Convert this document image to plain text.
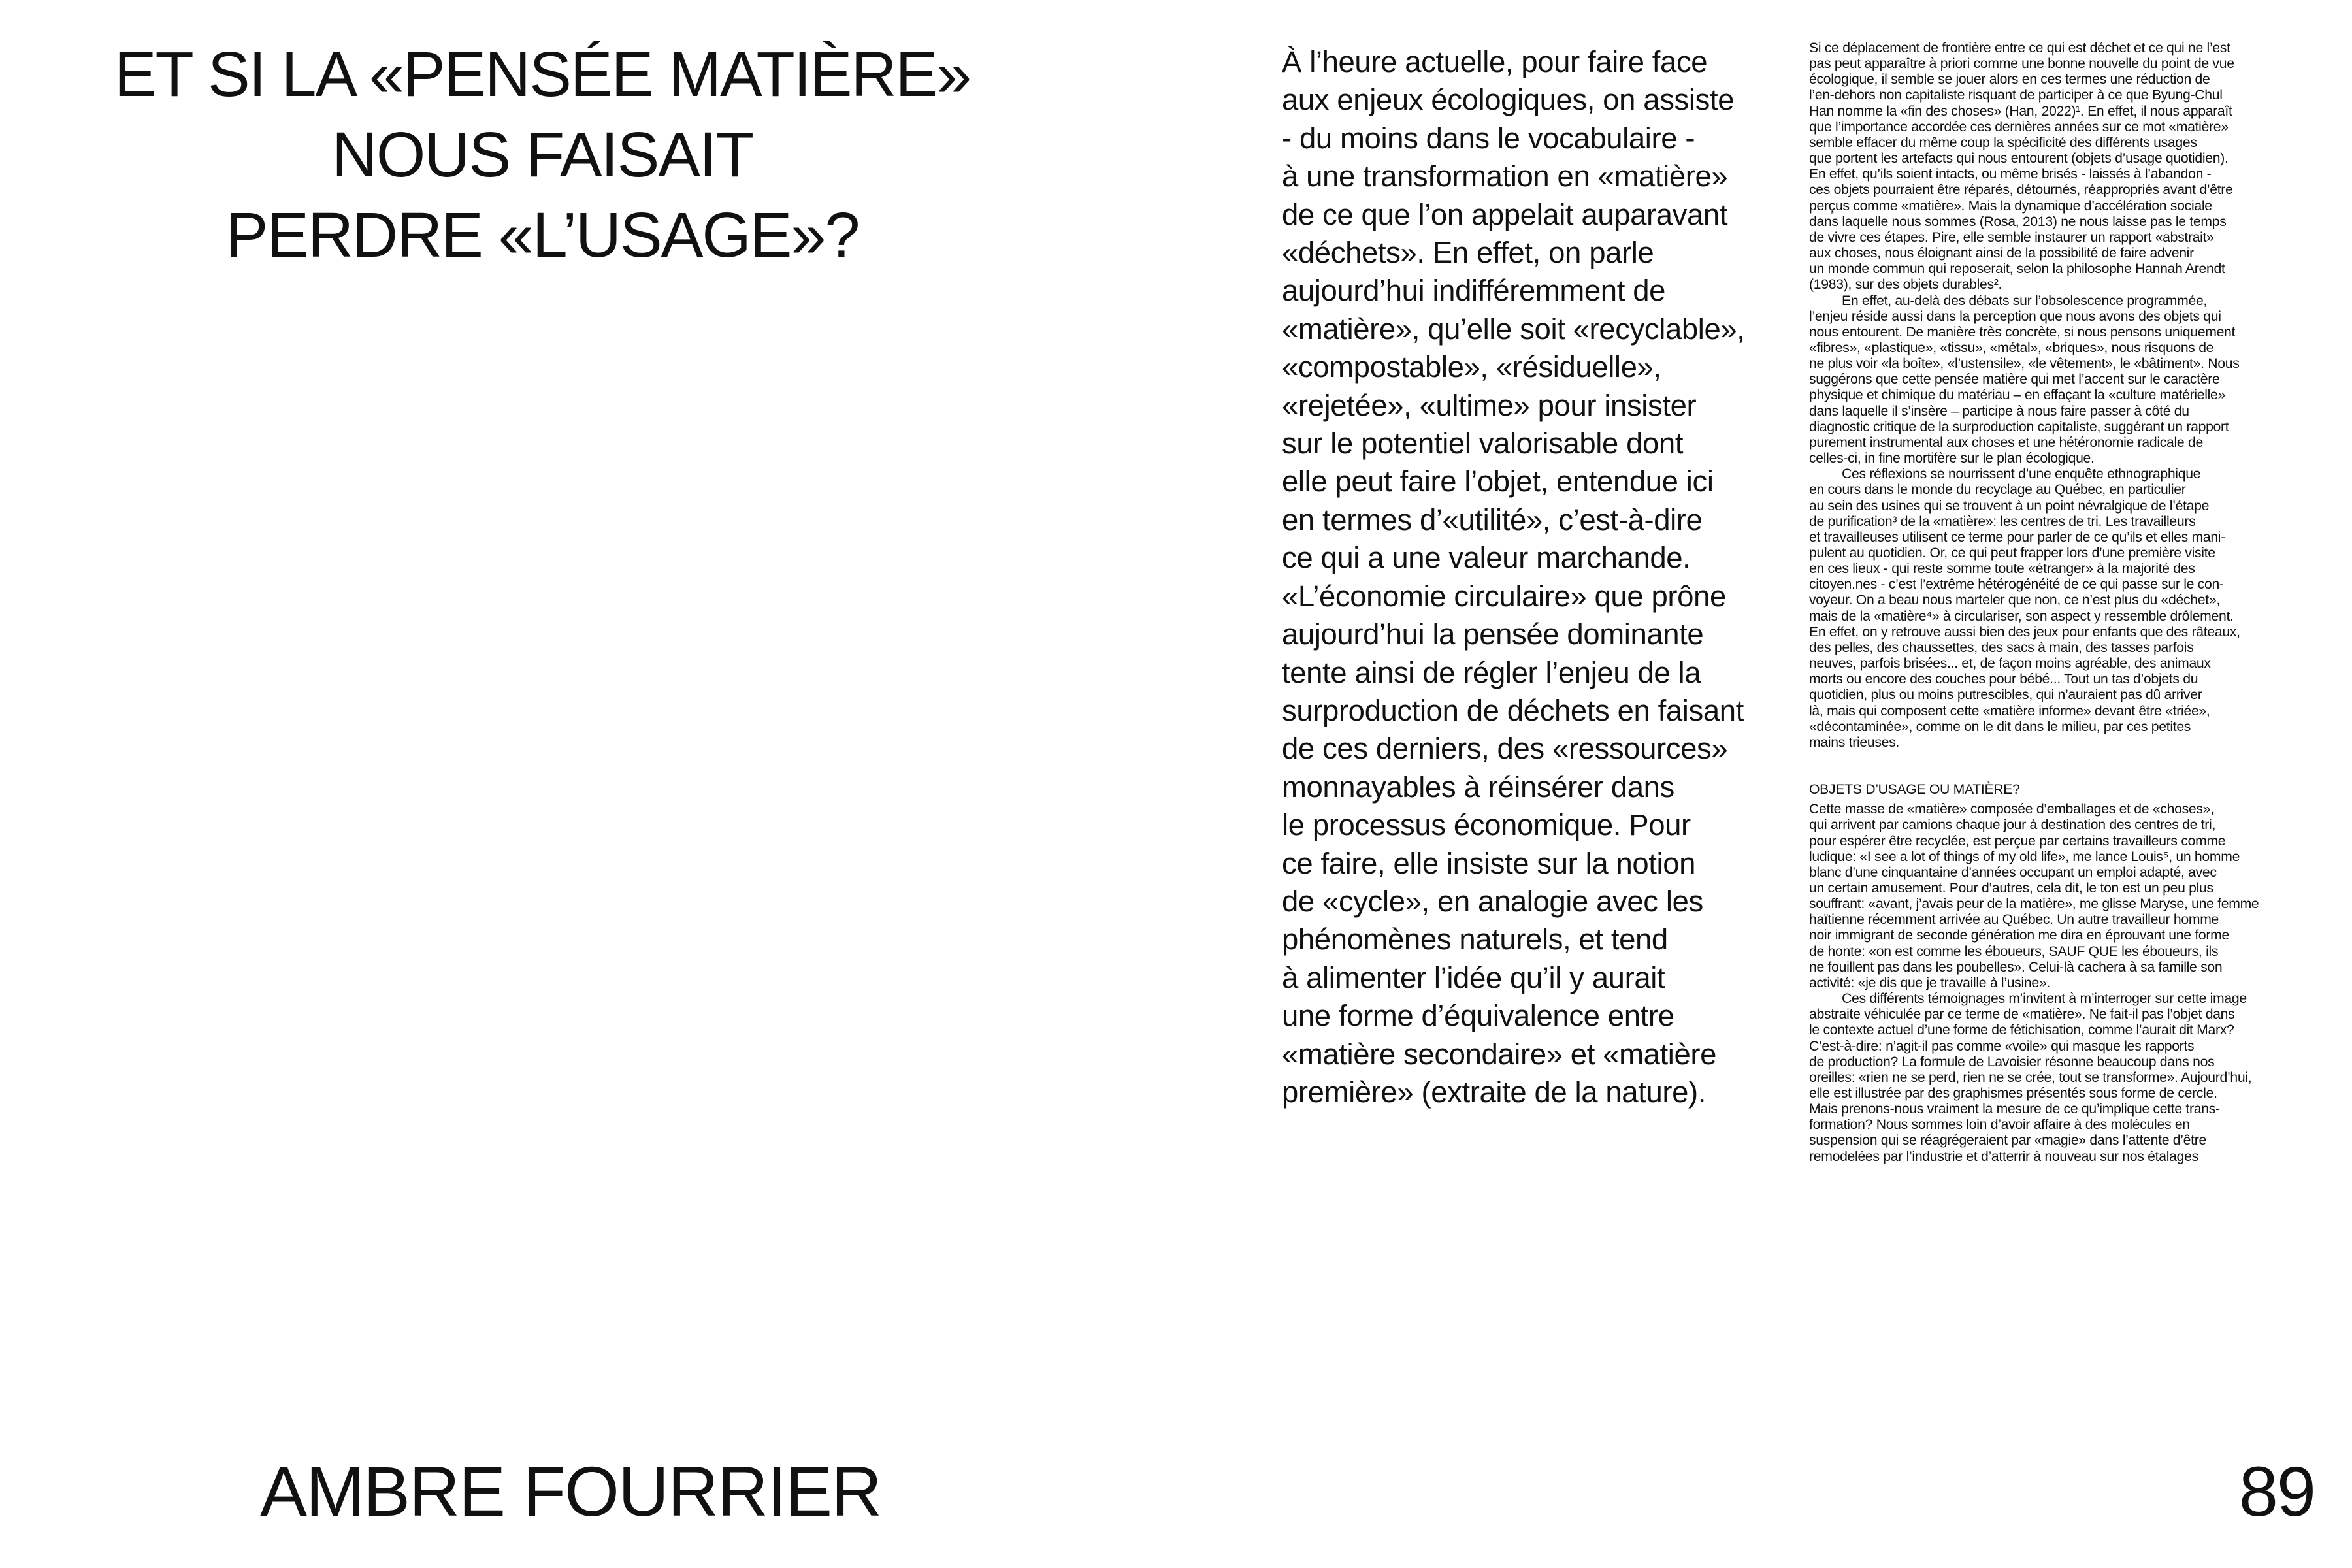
ET SI LA «PENSÉE MATIÈRE»
NOUS FAISAIT
PERDRE «L’USAGE»?
AMBRE FOURRIER	89
À l’heure actuelle, pour faire face
aux enjeux écologiques, on assiste
- du moins dans le vocabulaire -
à une transformation en «matière»
de ce que l’on appelait auparavant
«déchets». En effet, on parle
aujourd’hui indifféremment de
«matière», qu’elle soit «recyclable»,
«compostable», «résiduelle»,
«rejetée», «ultime» pour insister
sur le potentiel valorisable dont
elle peut faire l’objet, entendue ici
en termes d’«utilité», c’est-à-dire
ce qui a une valeur marchande.
«L’économie circulaire» que prône
aujourd’hui la pensée dominante
tente ainsi de régler l’enjeu de la
surproduction de déchets en faisant
de ces derniers, des «ressources»
monnayables à réinsérer dans
le processus économique. Pour
ce faire, elle insiste sur la notion
de «cycle», en analogie avec les
phénomènes naturels, et tend
à alimenter l’idée qu’il y aurait
une forme d’équivalence entre
«matière secondaire» et «matière
première» (extraite de la nature).
Si ce déplacement de frontière entre ce qui est déchet et ce qui ne l’est
pas peut apparaître à priori comme une bonne nouvelle du point de vue
écologique, il semble se jouer alors en ces termes une réduction de
l’en-dehors non capitaliste risquant de participer à ce que Byung-Chul
Han nomme la «fin des choses» (Han, 2022)¹. En effet, il nous apparaît
que l’importance accordée ces dernières années sur ce mot «matière»
semble effacer du même coup la spécificité des différents usages
que portent les artefacts qui nous entourent (objets d’usage quotidien).
En effet, qu’ils soient intacts, ou même brisés - laissés à l’abandon -
ces objets pourraient être réparés, détournés, réappropriés avant d’être
perçus comme «matière». Mais la dynamique d’accélération sociale
dans laquelle nous sommes (Rosa, 2013) ne nous laisse pas le temps
de vivre ces étapes. Pire, elle semble instaurer un rapport «abstrait»
aux choses, nous éloignant ainsi de la possibilité de faire advenir
un monde commun qui reposerait, selon la philosophe Hannah Arendt
(1983), sur des objets durables².
En effet, au-delà des débats sur l’obsolescence programmée,
l’enjeu réside aussi dans la perception que nous avons des objets qui
nous entourent. De manière très concrète, si nous pensons uniquement
«fibres», «plastique», «tissu», «métal», «briques», nous risquons de
ne plus voir «la boîte», «l’ustensile», «le vêtement», le «bâtiment». Nous
suggérons que cette pensée matière qui met l’accent sur le caractère
physique et chimique du matériau – en effaçant la «culture matérielle»
dans laquelle il s’insère – participe à nous faire passer à côté du
diagnostic critique de la surproduction capitaliste, suggérant un rapport
purement instrumental aux choses et une hétéronomie radicale de
celles-ci, in fine mortifère sur le plan écologique.
Ces réflexions se nourrissent d’une enquête ethnographique
en cours dans le monde du recyclage au Québec, en particulier
au sein des usines qui se trouvent à un point névralgique de l’étape
de purification³ de la «matière»: les centres de tri. Les travailleurs
et travailleuses utilisent ce terme pour parler de ce qu’ils et elles mani-
pulent au quotidien. Or, ce qui peut frapper lors d’une première visite
en ces lieux - qui reste somme toute «étranger» à la majorité des
citoyen.nes - c’est l’extrême hétérogénéité de ce qui passe sur le con-
voyeur. On a beau nous marteler que non, ce n’est plus du «déchet»,
mais de la «matière⁴» à circulariser, son aspect y ressemble drôlement.
En effet, on y retrouve aussi bien des jeux pour enfants que des râteaux,
des pelles, des chaussettes, des sacs à main, des tasses parfois
neuves, parfois brisées... et, de façon moins agréable, des animaux
morts ou encore des couches pour bébé... Tout un tas d’objets du
quotidien, plus ou moins putrescibles, qui n’auraient pas dû arriver
là, mais qui composent cette «matière informe» devant être «triée»,
«décontaminée», comme on le dit dans le milieu, par ces petites
mains trieuses.
OBJETS D’USAGE OU MATIÈRE?
Cette masse de «matière» composée d’emballages et de «choses»,
qui arrivent par camions chaque jour à destination des centres de tri,
pour espérer être recyclée, est perçue par certains travailleurs comme
ludique: «I see a lot of things of my old life», me lance Louis⁵, un homme
blanc d’une cinquantaine d’années occupant un emploi adapté, avec
un certain amusement. Pour d’autres, cela dit, le ton est un peu plus
souffrant: «avant, j’avais peur de la matière», me glisse Maryse, une femme
haïtienne récemment arrivée au Québec. Un autre travailleur homme
noir immigrant de seconde génération me dira en éprouvant une forme
de honte: «on est comme les éboueurs, SAUF QUE les éboueurs, ils
ne fouillent pas dans les poubelles». Celui-là cachera à sa famille son
activité: «je dis que je travaille à l’usine».
Ces différents témoignages m’invitent à m’interroger sur cette image
abstraite véhiculée par ce terme de «matière». Ne fait-il pas l’objet dans
le contexte actuel d’une forme de fétichisation, comme l’aurait dit Marx?
C’est-à-dire: n’agit-il pas comme «voile» qui masque les rapports
de production? La formule de Lavoisier résonne beaucoup dans nos
oreilles: «rien ne se perd, rien ne se crée, tout se transforme». Aujourd’hui,
elle est illustrée par des graphismes présentés sous forme de cercle.
Mais prenons-nous vraiment la mesure de ce qu’implique cette trans-
formation? Nous sommes loin d’avoir affaire à des molécules en
suspension qui se réagrégeraient par «magie» dans l’attente d’être
remodelées par l’industrie et d’atterrir à nouveau sur nos étalages
